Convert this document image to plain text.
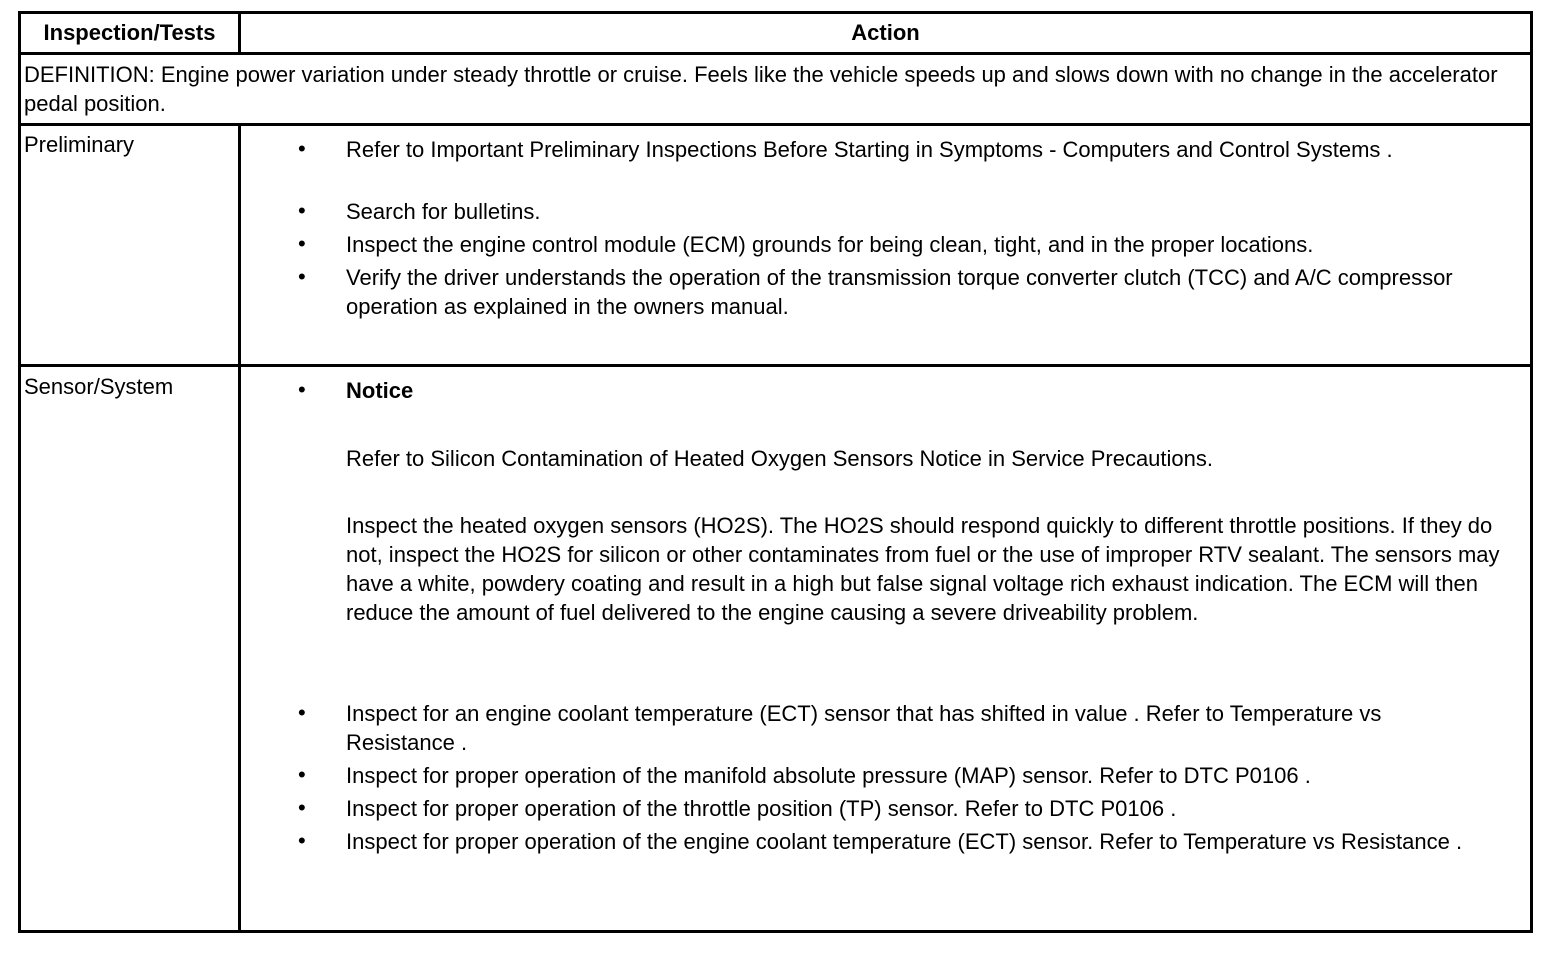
Inspection/Tests	Action
DEFINITION: Engine power variation under steady throttle or cruise. Feels like the vehicle speeds up and slows down with no change in the accelerator pedal position.
Preliminary	• Refer to Important Preliminary Inspections Before Starting in Symptoms - Computers and Control Systems .
• Search for bulletins.
• Inspect the engine control module (ECM) grounds for being clean, tight, and in the proper locations.
• Verify the driver understands the operation of the transmission torque converter clutch (TCC) and A/C compressor operation as explained in the owners manual.
Sensor/System	• Notice
Refer to Silicon Contamination of Heated Oxygen Sensors Notice in Service Precautions.
Inspect the heated oxygen sensors (HO2S). The HO2S should respond quickly to different throttle positions. If they do not, inspect the HO2S for silicon or other contaminates from fuel or the use of improper RTV sealant. The sensors may have a white, powdery coating and result in a high but false signal voltage rich exhaust indication. The ECM will then reduce the amount of fuel delivered to the engine causing a severe driveability problem.
• Inspect for an engine coolant temperature (ECT) sensor that has shifted in value . Refer to Temperature vs Resistance .
• Inspect for proper operation of the manifold absolute pressure (MAP) sensor. Refer to DTC P0106 .
• Inspect for proper operation of the throttle position (TP) sensor. Refer to DTC P0106 .
• Inspect for proper operation of the engine coolant temperature (ECT) sensor. Refer to Temperature vs Resistance .
